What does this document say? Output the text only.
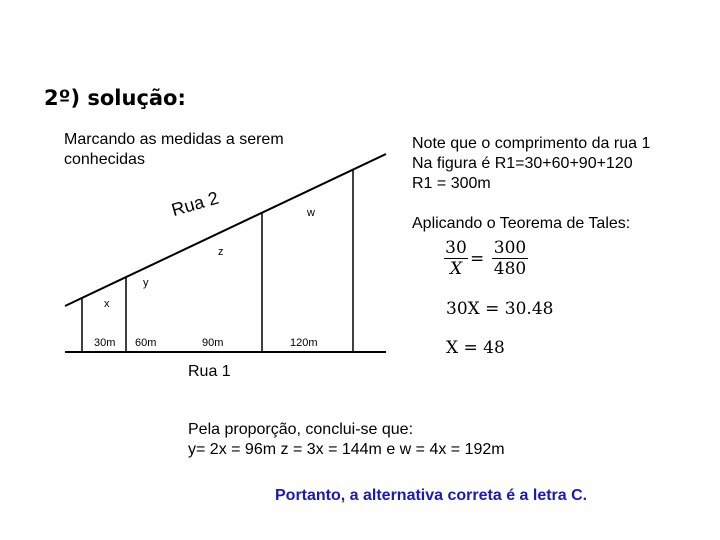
2º) solução:
Marcando as medidas a serem
conhecidas
Note que o comprimento da rua 1
Na figura é R1=30+60+90+120
R1 = 300m
Aplicando o Teorema de Tales:
Rua 2
x
y
z
w
30m 60m	90m	120m
Rua 1
$\frac{30}{X} = \frac{300}{480}$
30X = 30.48
X = 48
Pela proporção, conclui-se que:
y= 2x = 96m z = 3x = 144m e w = 4x = 192m
Portanto, a alternativa correta é a letra C.
